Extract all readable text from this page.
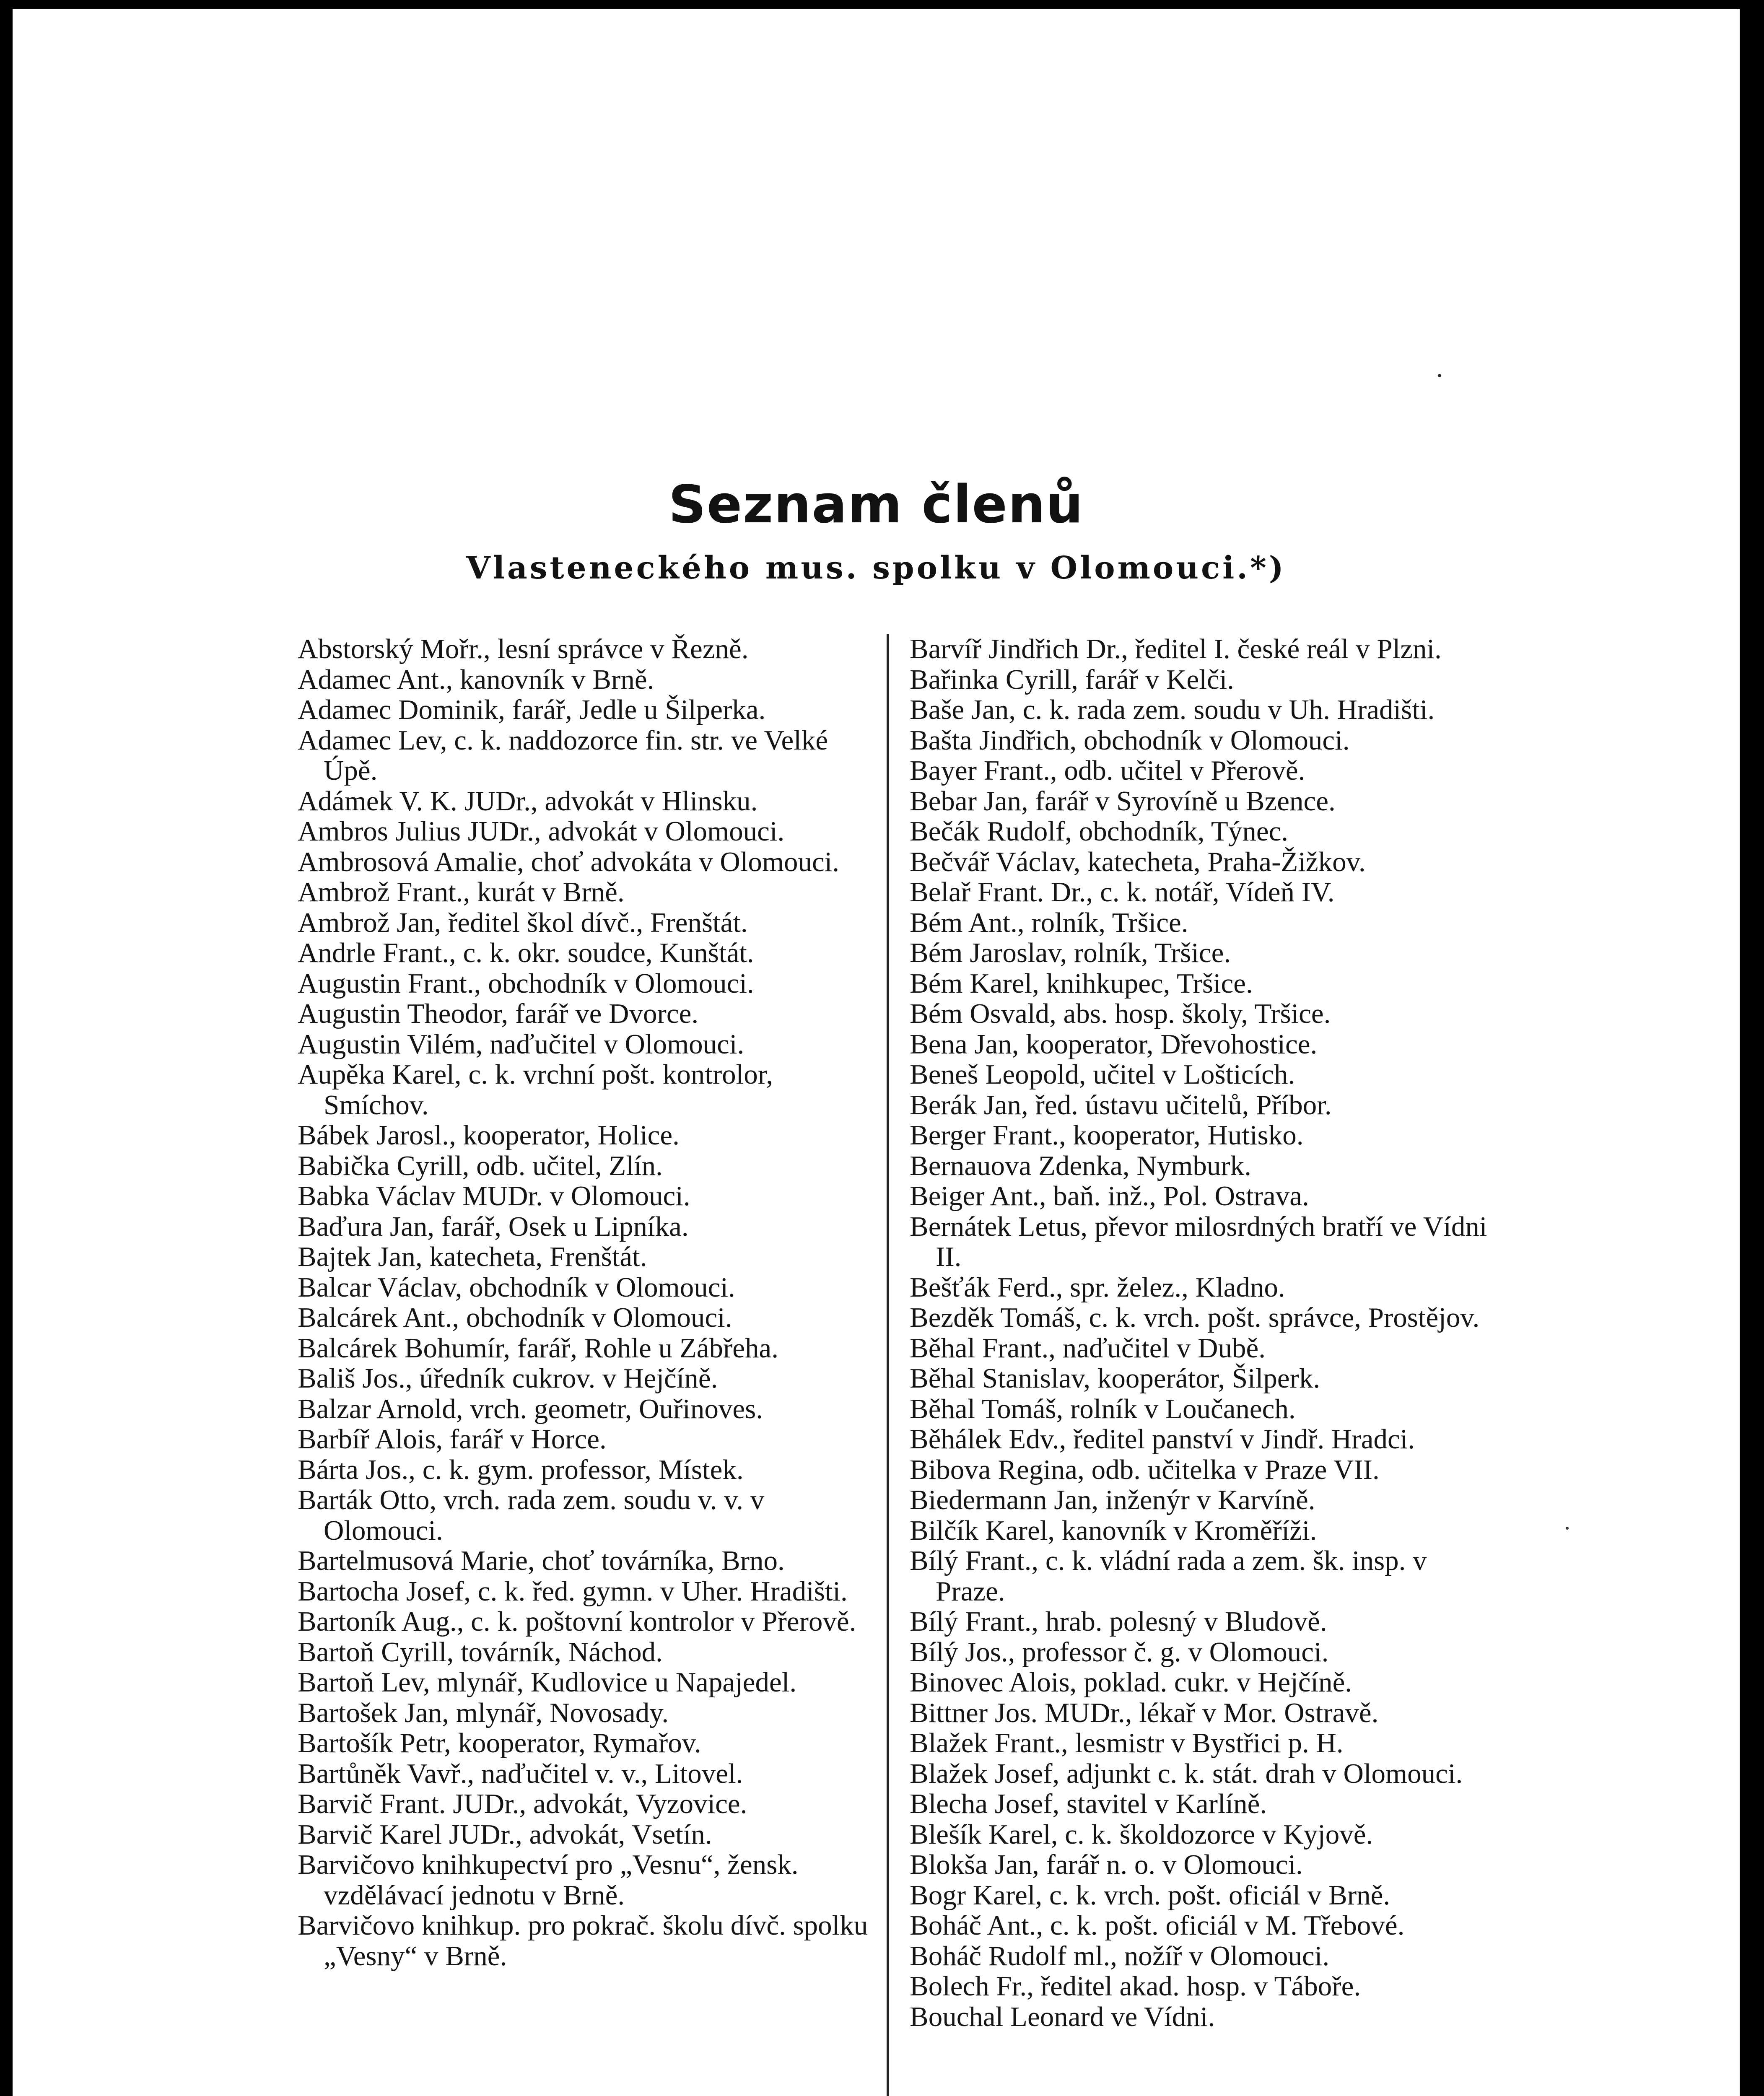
Seznam členů
Vlasteneckého mus. spolku v Olomouci.*)

Abstorský Mořr., lesní správce v Řezně.

Adamec Ant., kanovník v Brně.

Adamec Dominik, farář, Jedle u Šilperka.

Adamec Lev, c. k. naddozorce fin. str. ve Velké Úpě.

Adámek V. K. JUDr., advokát v Hlinsku.

Ambros Julius JUDr., advokát v Olomouci.

Ambrosová Amalie, choť advokáta v Olomouci.

Ambrož Frant., kurát v Brně.

Ambrož Jan, ředitel škol dívč., Frenštát.

Andrle Frant., c. k. okr. soudce, Kunštát.

Augustin Frant., obchodník v Olomouci.

Augustin Theodor, farář ve Dvorce.

Augustin Vilém, naďučitel v Olomouci.

Aupěka Karel, c. k. vrchní pošt. kontrolor, Smíchov.

Bábek Jarosl., kooperator, Holice.

Babička Cyrill, odb. učitel, Zlín.

Babka Václav MUDr. v Olomouci.

Baďura Jan, farář, Osek u Lipníka.

Bajtek Jan, katecheta, Frenštát.

Balcar Václav, obchodník v Olomouci.

Balcárek Ant., obchodník v Olomouci.

Balcárek Bohumír, farář, Rohle u Zábřeha.

Bališ Jos., úředník cukrov. v Hejčíně.

Balzar Arnold, vrch. geometr, Ouřinoves.

Barbíř Alois, farář v Horce.

Bárta Jos., c. k. gym. professor, Místek.

Barták Otto, vrch. rada zem. soudu v. v. v Olomouci.

Bartelmusová Marie, choť továrníka, Brno.

Bartocha Josef, c. k. řed. gymn. v Uher. Hradišti.

Bartoník Aug., c. k. poštovní kontrolor v Přerově.

Bartoň Cyrill, továrník, Náchod.

Bartoň Lev, mlynář, Kudlovice u Napajedel.

Bartošek Jan, mlynář, Novosady.

Bartošík Petr, kooperator, Rymařov.

Bartůněk Vavř., naďučitel v. v., Litovel.

Barvič Frant. JUDr., advokát, Vyzovice.

Barvič Karel JUDr., advokát, Vsetín.

Barvičovo knihkupectví pro „Vesnu“, žensk. vzdělávací jednotu v Brně.

Barvičovo knihkup. pro pokrač. školu dívč. spolku „Vesny“ v Brně.

Barvíř Jindřich Dr., ředitel I. české reál v Plzni.

Bařinka Cyrill, farář v Kelči.

Baše Jan, c. k. rada zem. soudu v Uh. Hradišti.

Bašta Jindřich, obchodník v Olomouci.

Bayer Frant., odb. učitel v Přerově.

Bebar Jan, farář v Syrovíně u Bzence.

Bečák Rudolf, obchodník, Týnec.

Bečvář Václav, katecheta, Praha-Žižkov.

Belař Frant. Dr., c. k. notář, Vídeň IV.

Bém Ant., rolník, Tršice.

Bém Jaroslav, rolník, Tršice.

Bém Karel, knihkupec, Tršice.

Bém Osvald, abs. hosp. školy, Tršice.

Bena Jan, kooperator, Dřevohostice.

Beneš Leopold, učitel v Lošticích.

Berák Jan, řed. ústavu učitelů, Příbor.

Berger Frant., kooperator, Hutisko.

Bernauova Zdenka, Nymburk.

Beiger Ant., baň. inž., Pol. Ostrava.

Bernátek Letus, převor milosrdných bratří ve Vídni II.

Bešťák Ferd., spr. želez., Kladno.

Bezděk Tomáš, c. k. vrch. pošt. správce, Prostějov.

Běhal Frant., naďučitel v Dubě.

Běhal Stanislav, kooperátor, Šilperk.

Běhal Tomáš, rolník v Loučanech.

Běhálek Edv., ředitel panství v Jindř. Hradci.

Bibova Regina, odb. učitelka v Praze VII.

Biedermann Jan, inženýr v Karvíně.

Bilčík Karel, kanovník v Kroměříži.

Bílý Frant., c. k. vládní rada a zem. šk. insp. v Praze.

Bílý Frant., hrab. polesný v Bludově.

Bílý Jos., professor č. g. v Olomouci.

Binovec Alois, poklad. cukr. v Hejčíně.

Bittner Jos. MUDr., lékař v Mor. Ostravě.

Blažek Frant., lesmistr v Bystřici p. H.

Blažek Josef, adjunkt c. k. stát. drah v Olomouci.

Blecha Josef, stavitel v Karlíně.

Blešík Karel, c. k. školdozorce v Kyjově.

Blokša Jan, farář n. o. v Olomouci.

Bogr Karel, c. k. vrch. pošt. oficiál v Brně.

Boháč Ant., c. k. pošt. oficiál v M. Třebové.

Boháč Rudolf ml., nožíř v Olomouci.

Bolech Fr., ředitel akad. hosp. v Táboře.

Bouchal Leonard ve Vídni.
